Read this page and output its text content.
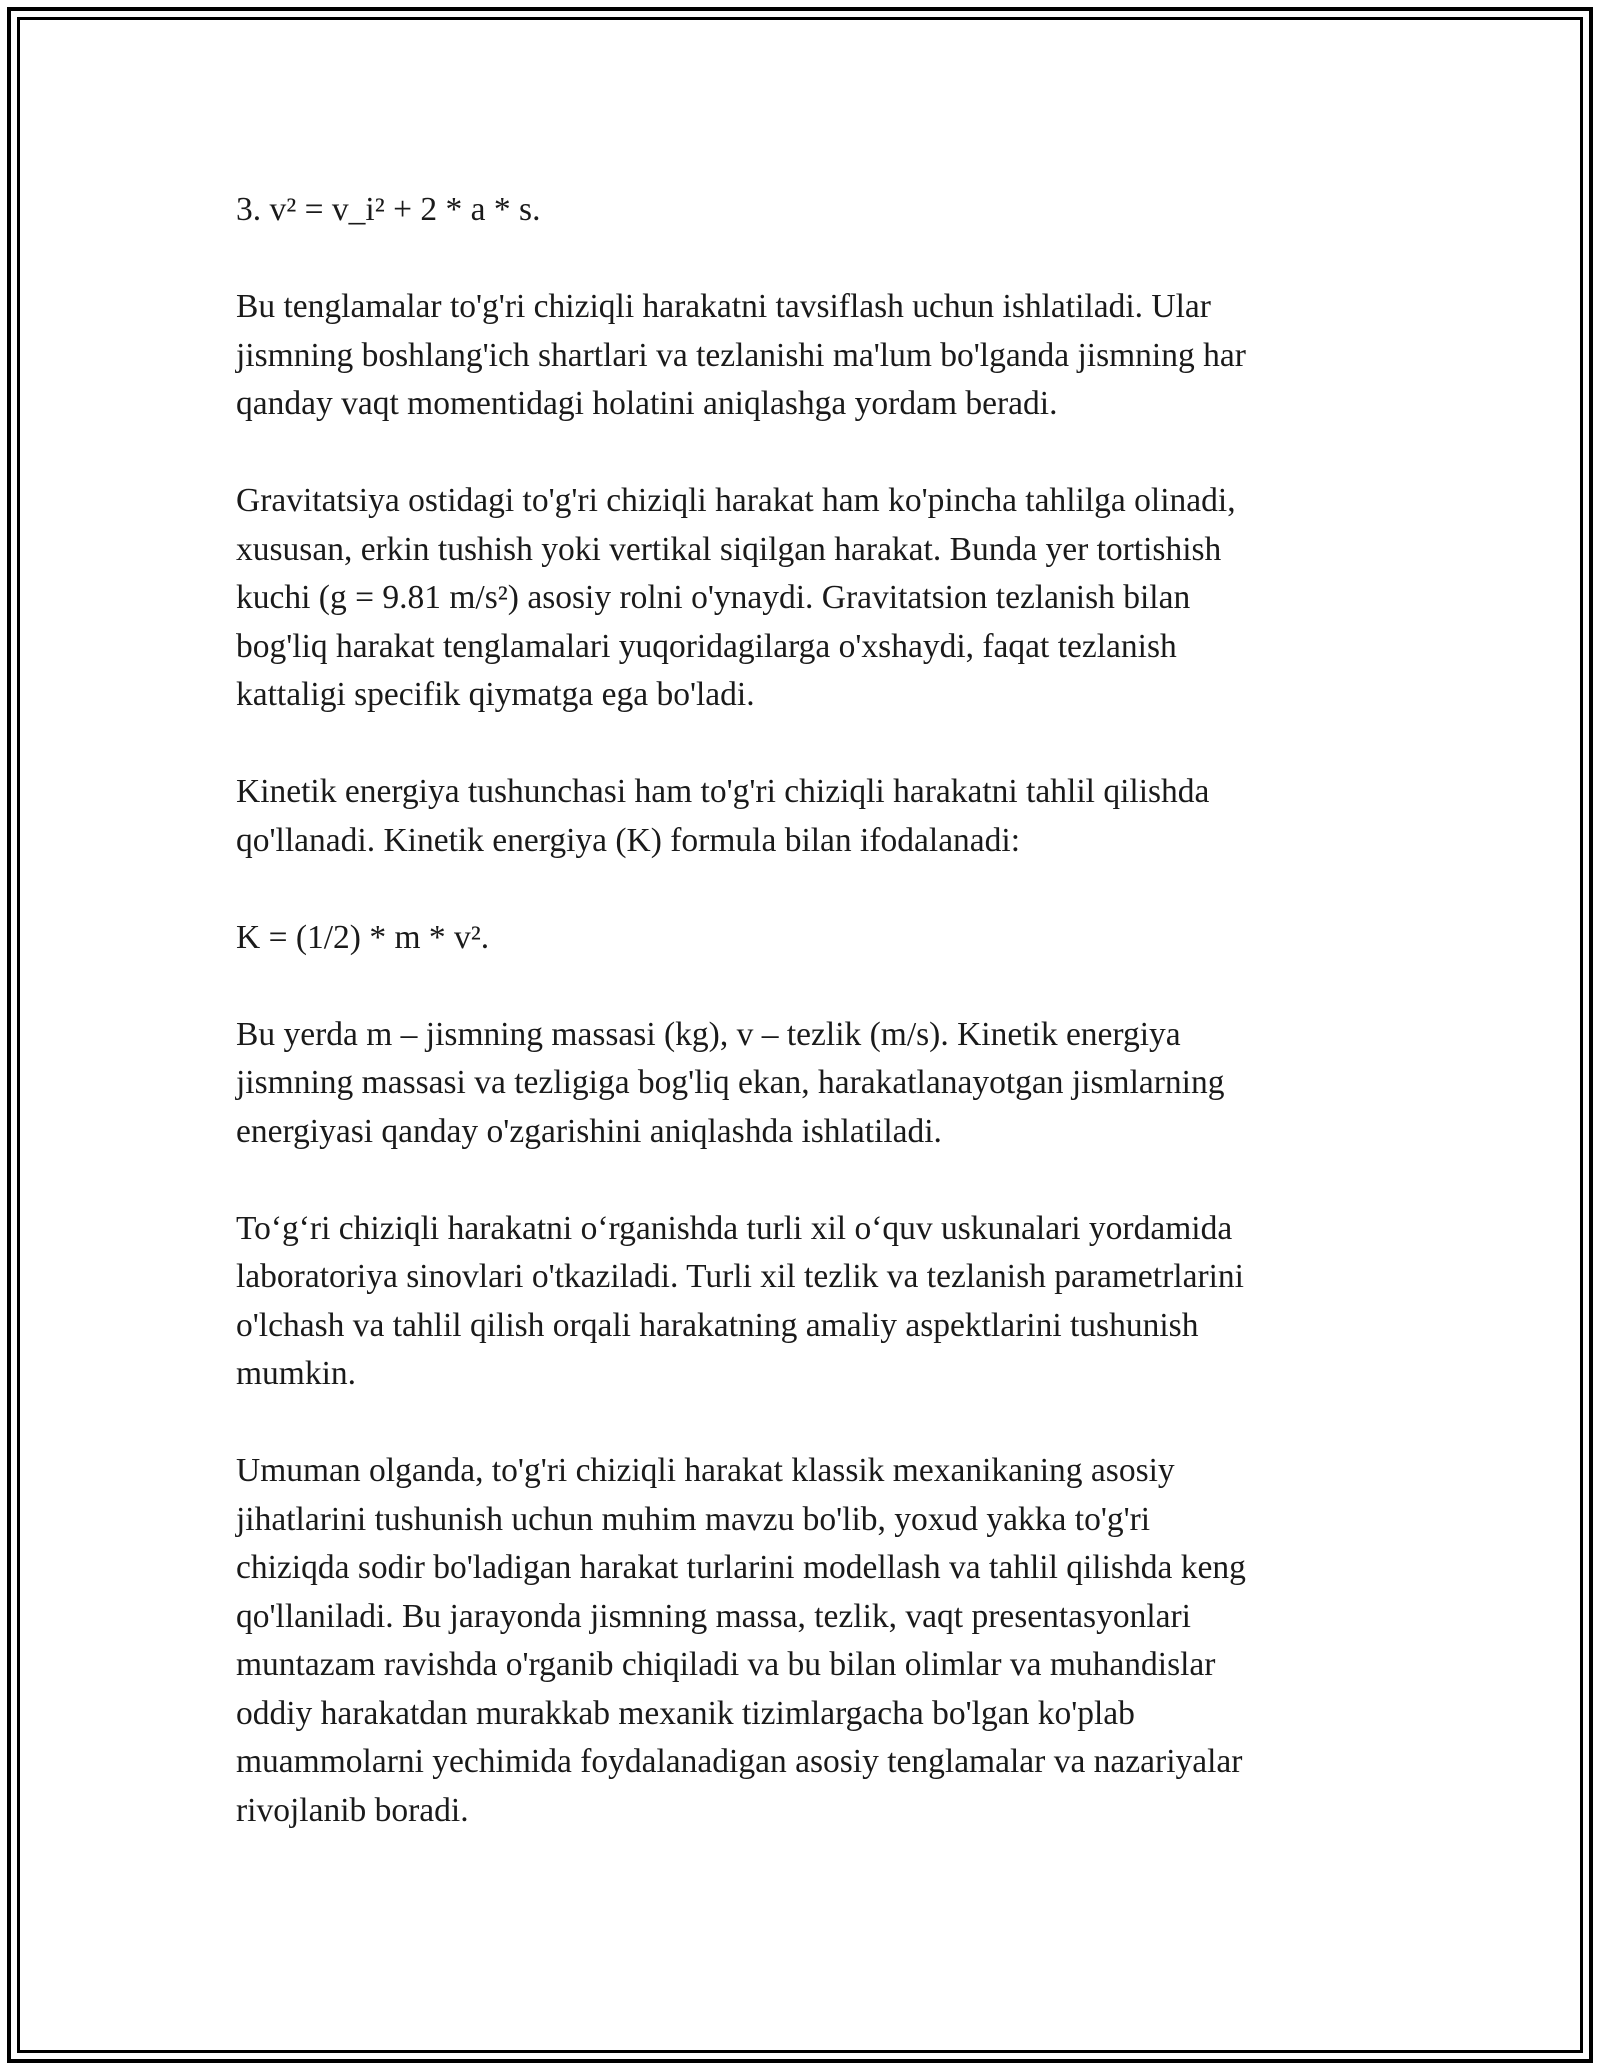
3. v² = v_i² + 2 * a * s.

Bu tenglamalar to'g'ri chiziqli harakatni tavsiflash uchun ishlatiladi. Ular
jismning boshlang'ich shartlari va tezlanishi ma'lum bo'lganda jismning har
qanday vaqt momentidagi holatini aniqlashga yordam beradi.

Gravitatsiya ostidagi to'g'ri chiziqli harakat ham ko'pincha tahlilga olinadi,
xususan, erkin tushish yoki vertikal siqilgan harakat. Bunda yer tortishish
kuchi (g = 9.81 m/s²) asosiy rolni o'ynaydi. Gravitatsion tezlanish bilan
bog'liq harakat tenglamalari yuqoridagilarga o'xshaydi, faqat tezlanish
kattaligi specifik qiymatga ega bo'ladi.

Kinetik energiya tushunchasi ham to'g'ri chiziqli harakatni tahlil qilishda
qo'llanadi. Kinetik energiya (K) formula bilan ifodalanadi:

K = (1/2) * m * v².

Bu yerda m – jismning massasi (kg), v – tezlik (m/s). Kinetik energiya
jismning massasi va tezligiga bog'liq ekan, harakatlanayotgan jismlarning
energiyasi qanday o'zgarishini aniqlashda ishlatiladi.

To‘g‘ri chiziqli harakatni o‘rganishda turli xil o‘quv uskunalari yordamida
laboratoriya sinovlari o'tkaziladi. Turli xil tezlik va tezlanish parametrlarini
o'lchash va tahlil qilish orqali harakatning amaliy aspektlarini tushunish
mumkin.

Umuman olganda, to'g'ri chiziqli harakat klassik mexanikaning asosiy
jihatlarini tushunish uchun muhim mavzu bo'lib, yoxud yakka to'g'ri
chiziqda sodir bo'ladigan harakat turlarini modellash va tahlil qilishda keng
qo'llaniladi. Bu jarayonda jismning massa, tezlik, vaqt presentasyonlari
muntazam ravishda o'rganib chiqiladi va bu bilan olimlar va muhandislar
oddiy harakatdan murakkab mexanik tizimlargacha bo'lgan ko'plab
muammolarni yechimida foydalanadigan asosiy tenglamalar va nazariyalar
rivojlanib boradi.
